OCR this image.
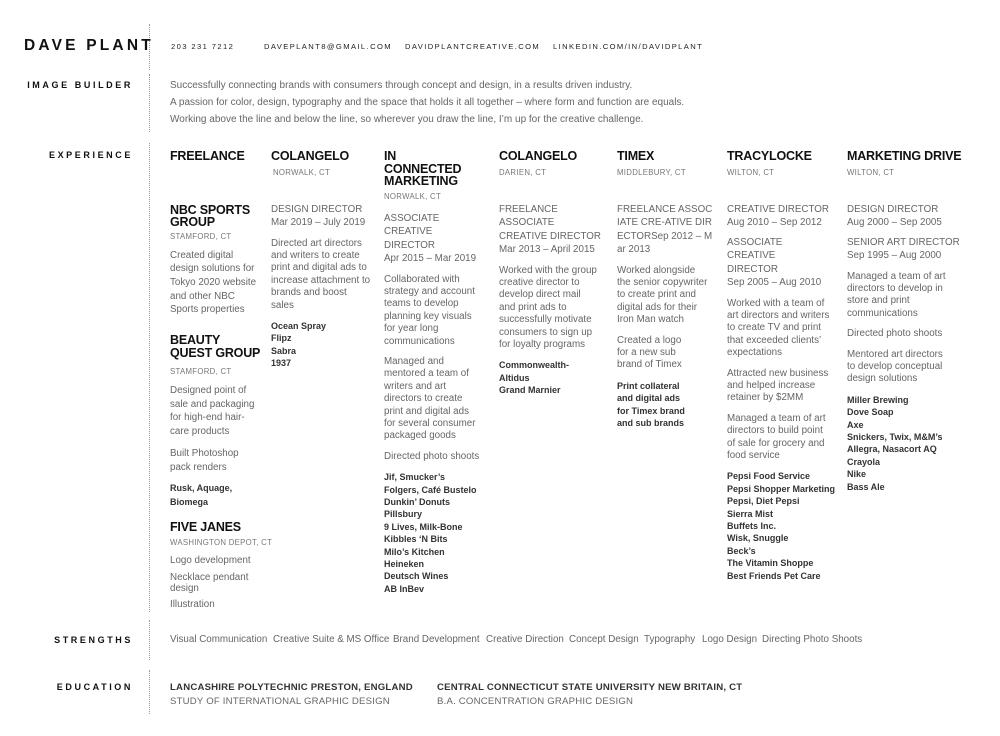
DAVE PLANT 203 231 7212	DAVEPLANT8@GMAIL.COM DAVIDPLANTCREATIVE.COM LINKEDIN.COM/IN/DAVIDPLANT
IMAGE BUILDER
EXPERIENCE
STRENGTHS
EDUCATION
Successfully connecting brands with consumers through concept and design, in a results driven industry.
A passion for color, design, typography and the space that holds it all together – where form and function are equals.
Working above the line and below the line, so wherever you draw the line, I’m up for the creative challenge.
FREELANCE
NBC SPORTS GROUP
STAMFORD, CT
Created digital design solutions for Tokyo 2020 website and other NBC Sports properties
BEAUTY QUEST GROUP
STAMFORD, CT
Designed point of sale and packaging for high-end hair-care products
Built Photoshop pack renders
Rusk, Aquage, Biomega
FIVE JANES
WASHINGTON DEPOT, CT
Logo development
Necklace pendant design
Illustration
COLANGELO
NORWALK, CT
DESIGN DIRECTOR
Mar 2019 – July 2019
Directed art directors and writers to create print and digital ads to increase attachment to brands and boost sales
Ocean Spray
Flipz
Sabra
1937
IN CONNECTED MARKETING
NORWALK, CT
ASSOCIATE CREATIVE DIRECTOR
Apr 2015 – Mar 2019
Collaborated with strategy and account teams to develop planning key visuals for year long communications
Managed and mentored a team of writers and art directors to create print and digital ads for several consumer packaged goods
Directed photo shoots
Jif, Smucker’s
Folgers, Café Bustelo
Dunkin’ Donuts
Pillsbury
9 Lives, Milk-Bone
Kibbles ‘N Bits
Milo’s Kitchen
Heineken
Deutsch Wines
AB InBev
COLANGELO
DARIEN, CT
FREELANCE ASSOCIATE CREATIVE DIRECTOR
Mar 2013 – April 2015
Worked with the group creative director to develop direct mail and print ads to successfully motivate consumers to sign up for loyalty programs
Commonwealth-
Altidus
Grand Marnier
TIMEX
MIDDLEBURY, CT
FREELANCE ASSOCIATE CRE-ATIVE DIRECTORSep 2012 – Mar 2013
Worked alongside the senior copywriter to create print and digital ads for their Iron Man watch
Created a logo for a new sub brand of Timex
Print collateral
and digital ads
for Timex brand
and sub brands
TRACYLOCKE
WILTON, CT
CREATIVE DIRECTOR
Aug 2010 – Sep 2012
ASSOCIATE CREATIVE DIRECTOR
Sep 2005 – Aug 2010
Worked with a team of art directors and writers to create TV and print that exceeded clients’ expectations
Attracted new business and helped increase retainer by $2MM
Managed a team of art directors to build point of sale for grocery and food service
Pepsi Food Service
Pepsi Shopper Marketing
Pepsi, Diet Pepsi
Sierra Mist
Buffets Inc.
Wisk, Snuggle
Beck’s
The Vitamin Shoppe
Best Friends Pet Care
MARKETING DRIVE
WILTON, CT
DESIGN DIRECTOR
Aug 2000 – Sep 2005
SENIOR ART DIRECTOR
Sep 1995 – Aug 2000
Managed a team of art directors to develop in store and print communications
Directed photo shoots
Mentored art directors to develop conceptual design solutions
Miller Brewing
Dove Soap
Axe
Snickers, Twix, M&M’s
Allegra, Nasacort AQ
Crayola
Nike
Bass Ale
Visual Communication Creative Suite & MS Office Brand Development Creative Direction Concept Design Typography Logo Design Directing Photo Shoots
LANCASHIRE POLYTECHNIC PRESTON, ENGLAND
STUDY OF INTERNATIONAL GRAPHIC DESIGN
CENTRAL CONNECTICUT STATE UNIVERSITY NEW BRITAIN, CT
B.A. CONCENTRATION GRAPHIC DESIGN
